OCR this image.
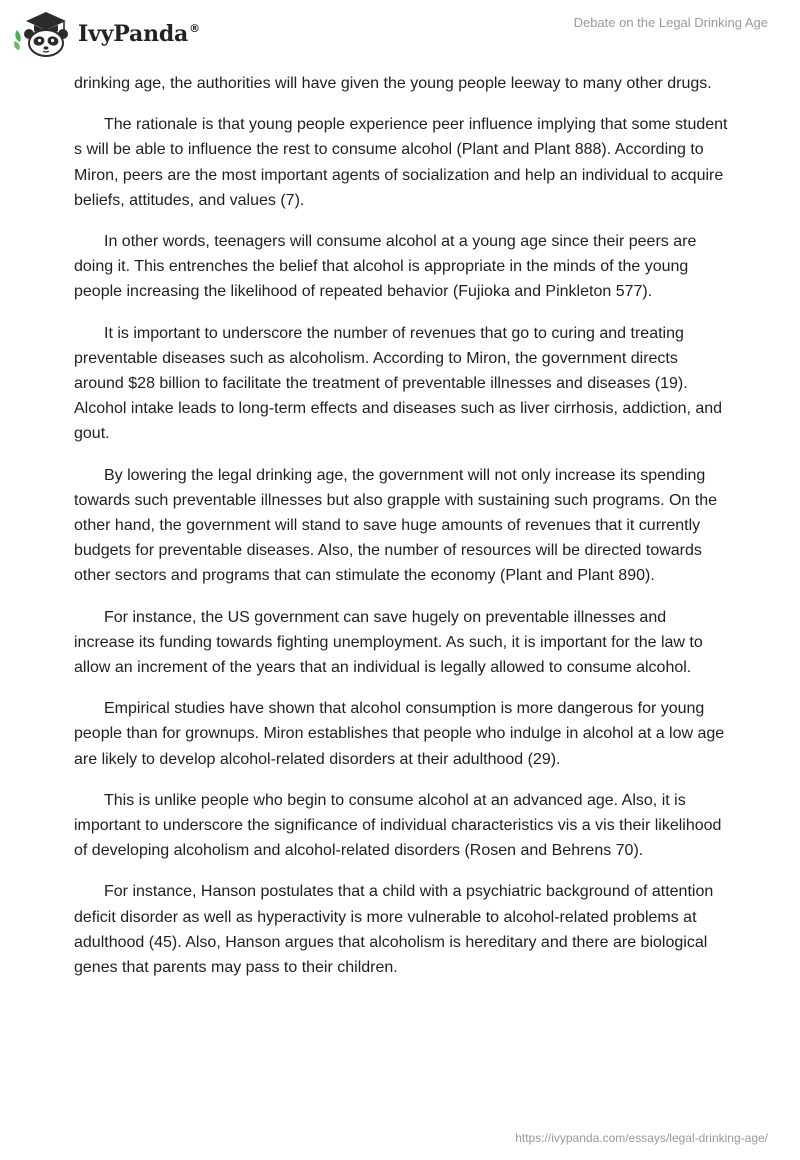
IvyPanda®	Debate on the Legal Drinking Age

drinking age, the authorities will have given the young people leeway to many other drugs.

The rationale is that young people experience peer influence implying that some student s will be able to influence the rest to consume alcohol (Plant and Plant 888). According to Miron, peers are the most important agents of socialization and help an individual to acquire beliefs, attitudes, and values (7).

In other words, teenagers will consume alcohol at a young age since their peers are doing it. This entrenches the belief that alcohol is appropriate in the minds of the young people increasing the likelihood of repeated behavior (Fujioka and Pinkleton 577).

It is important to underscore the number of revenues that go to curing and treating preventable diseases such as alcoholism. According to Miron, the government directs around $28 billion to facilitate the treatment of preventable illnesses and diseases (19). Alcohol intake leads to long-term effects and diseases such as liver cirrhosis, addiction, and gout.

By lowering the legal drinking age, the government will not only increase its spending towards such preventable illnesses but also grapple with sustaining such programs. On the other hand, the government will stand to save huge amounts of revenues that it currently budgets for preventable diseases. Also, the number of resources will be directed towards other sectors and programs that can stimulate the economy (Plant and Plant 890).

For instance, the US government can save hugely on preventable illnesses and increase its funding towards fighting unemployment. As such, it is important for the law to allow an increment of the years that an individual is legally allowed to consume alcohol.

Empirical studies have shown that alcohol consumption is more dangerous for young people than for grownups. Miron establishes that people who indulge in alcohol at a low age are likely to develop alcohol-related disorders at their adulthood (29).

This is unlike people who begin to consume alcohol at an advanced age. Also, it is important to underscore the significance of individual characteristics vis a vis their likelihood of developing alcoholism and alcohol-related disorders (Rosen and Behrens 70).

For instance, Hanson postulates that a child with a psychiatric background of attention deficit disorder as well as hyperactivity is more vulnerable to alcohol-related problems at adulthood (45). Also, Hanson argues that alcoholism is hereditary and there are biological genes that parents may pass to their children.

https://ivypanda.com/essays/legal-drinking-age/
